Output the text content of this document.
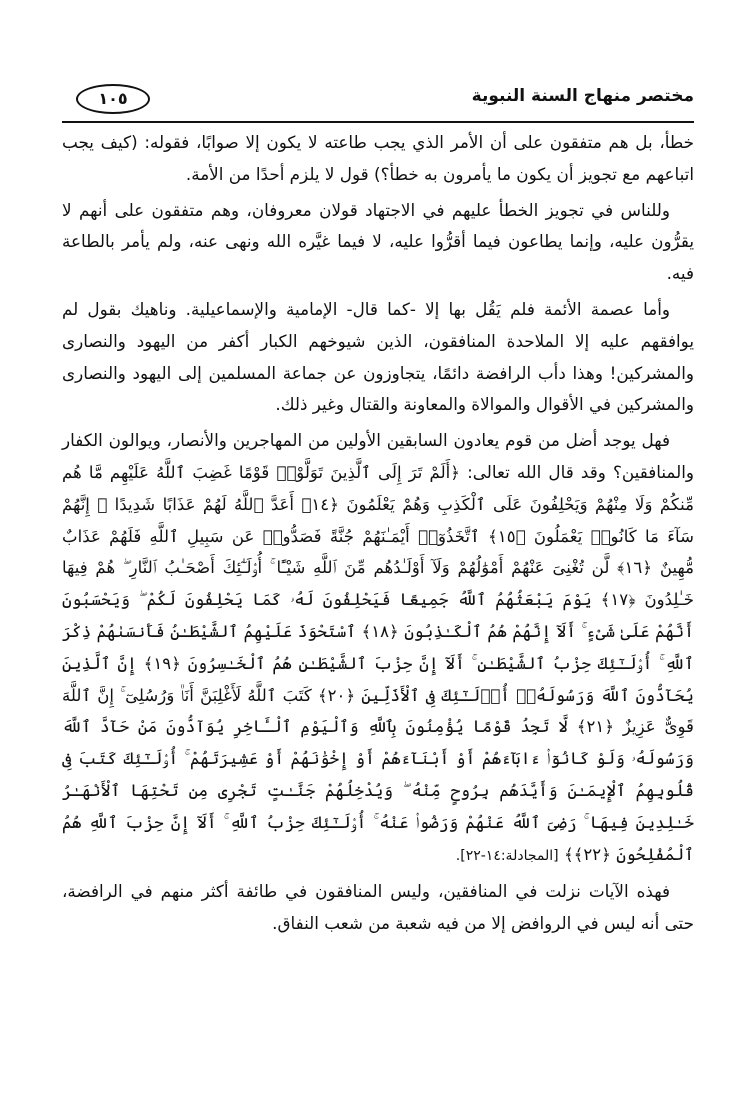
مختصر منهاج السنة النبوية
١٠٥

خطأ، بل هم متفقون على أن الأمر الذي يجب طاعته لا يكون إلا صوابًا، فقوله: (كيف يجب اتباعهم مع تجويز أن يكون ما يأمرون به خطأ؟) قول لا يلزم أحدًا من الأمة.

وللناس في تجويز الخطأ عليهم في الاجتهاد قولان معروفان، وهم متفقون على أنهم لا يقرُّون عليه، وإنما يطاعون فيما أقرُّوا عليه، لا فيما غيَّره الله ونهى عنه، ولم يأمر بالطاعة فيه.

وأما عصمة الأئمة فلم يَقُل بها إلا -كما قال- الإمامية والإسماعيلية. وناهيك بقول لم يوافقهم عليه إلا الملاحدة المنافقون، الذين شيوخهم الكبار أكفر من اليهود والنصارى والمشركين! وهذا دأب الرافضة دائمًا، يتجاوزون عن جماعة المسلمين إلى اليهود والنصارى والمشركين في الأقوال والموالاة والمعاونة والقتال وغير ذلك.

فهل يوجد أضل من قوم يعادون السابقين الأولين من المهاجرين والأنصار، ويوالون الكفار والمنافقين؟ وقد قال الله تعالى: ﴿أَلَمْ تَرَ إِلَى ٱلَّذِينَ تَوَلَّوْا۟ قَوْمًا غَضِبَ ٱللَّهُ عَلَيْهِم مَّا هُم مِّنكُمْ وَلَا مِنْهُمْ وَيَحْلِفُونَ عَلَى ٱلْكَذِبِ وَهُمْ يَعْلَمُونَ ﴿١٤﴾ أَعَدَّ ٱللَّهُ لَهُمْ عَذَابًا شَدِيدًا ۖ إِنَّهُمْ سَآءَ مَا كَانُوا۟ يَعْمَلُونَ ﴿١٥﴾ ٱتَّخَذُوٓا۟ أَيْمَـٰنَهُمْ جُنَّةً فَصَدُّوا۟ عَن سَبِيلِ ٱللَّهِ فَلَهُمْ عَذَابٌ مُّهِينٌ ﴿١٦﴾ لَّن تُغْنِىَ عَنْهُمْ أَمْوَٰلُهُمْ وَلَآ أَوْلَـٰدُهُم مِّنَ ٱللَّهِ شَيْـًٔا ۚ أُو۟لَـٰٓئِكَ أَصْحَـٰبُ ٱلنَّارِ ۖ هُمْ فِيهَا خَـٰلِدُونَ ﴿١٧﴾ يَوْمَ يَبْعَثُهُمُ ٱللَّهُ جَمِيعًا فَيَحْلِفُونَ لَهُۥ كَمَا يَحْلِفُونَ لَكُمْ ۖ وَيَحْسَبُونَ أَنَّهُمْ عَلَىٰ شَىْءٍ ۚ أَلَآ إِنَّهُمْ هُمُ ٱلْكَـٰذِبُونَ ﴿١٨﴾ ٱسْتَحْوَذَ عَلَيْهِمُ ٱلشَّيْطَـٰنُ فَأَنسَىٰهُمْ ذِكْرَ ٱللَّهِ ۚ أُو۟لَـٰٓئِكَ حِزْبُ ٱلشَّيْطَـٰنِ ۚ أَلَآ إِنَّ حِزْبَ ٱلشَّيْطَـٰنِ هُمُ ٱلْخَـٰسِرُونَ ﴿١٩﴾ إِنَّ ٱلَّذِينَ يُحَآدُّونَ ٱللَّهَ وَرَسُولَهُۥٓ أُو۟لَـٰٓئِكَ فِى ٱلْأَذَلِّينَ ﴿٢٠﴾ كَتَبَ ٱللَّهُ لَأَغْلِبَنَّ أَنَا۠ وَرُسُلِىٓ ۚ إِنَّ ٱللَّهَ قَوِىٌّ عَزِيزٌ ﴿٢١﴾ لَّا تَجِدُ قَوْمًا يُؤْمِنُونَ بِٱللَّهِ وَٱلْيَوْمِ ٱلْـَٔاخِرِ يُوَآدُّونَ مَنْ حَآدَّ ٱللَّهَ وَرَسُولَهُۥ وَلَوْ كَانُوٓا۟ ءَابَآءَهُمْ أَوْ أَبْنَآءَهُمْ أَوْ إِخْوَٰنَهُمْ أَوْ عَشِيرَتَهُمْ ۚ أُو۟لَـٰٓئِكَ كَتَبَ فِى قُلُوبِهِمُ ٱلْإِيمَـٰنَ وَأَيَّدَهُم بِرُوحٍ مِّنْهُ ۖ وَيُدْخِلُهُمْ جَنَّـٰتٍ تَجْرِى مِن تَحْتِهَا ٱلْأَنْهَـٰرُ خَـٰلِدِينَ فِيهَا ۚ رَضِىَ ٱللَّهُ عَنْهُمْ وَرَضُوا۟ عَنْهُ ۚ أُو۟لَـٰٓئِكَ حِزْبُ ٱللَّهِ ۚ أَلَآ إِنَّ حِزْبَ ٱللَّهِ هُمُ ٱلْمُفْلِحُونَ ﴿٢٢﴾﴾ [المجادلة:١٤-٢٢].

فهذه الآيات نزلت في المنافقين، وليس المنافقون في طائفة أكثر منهم في الرافضة، حتى أنه ليس في الروافض إلا من فيه شعبة من شعب النفاق.
